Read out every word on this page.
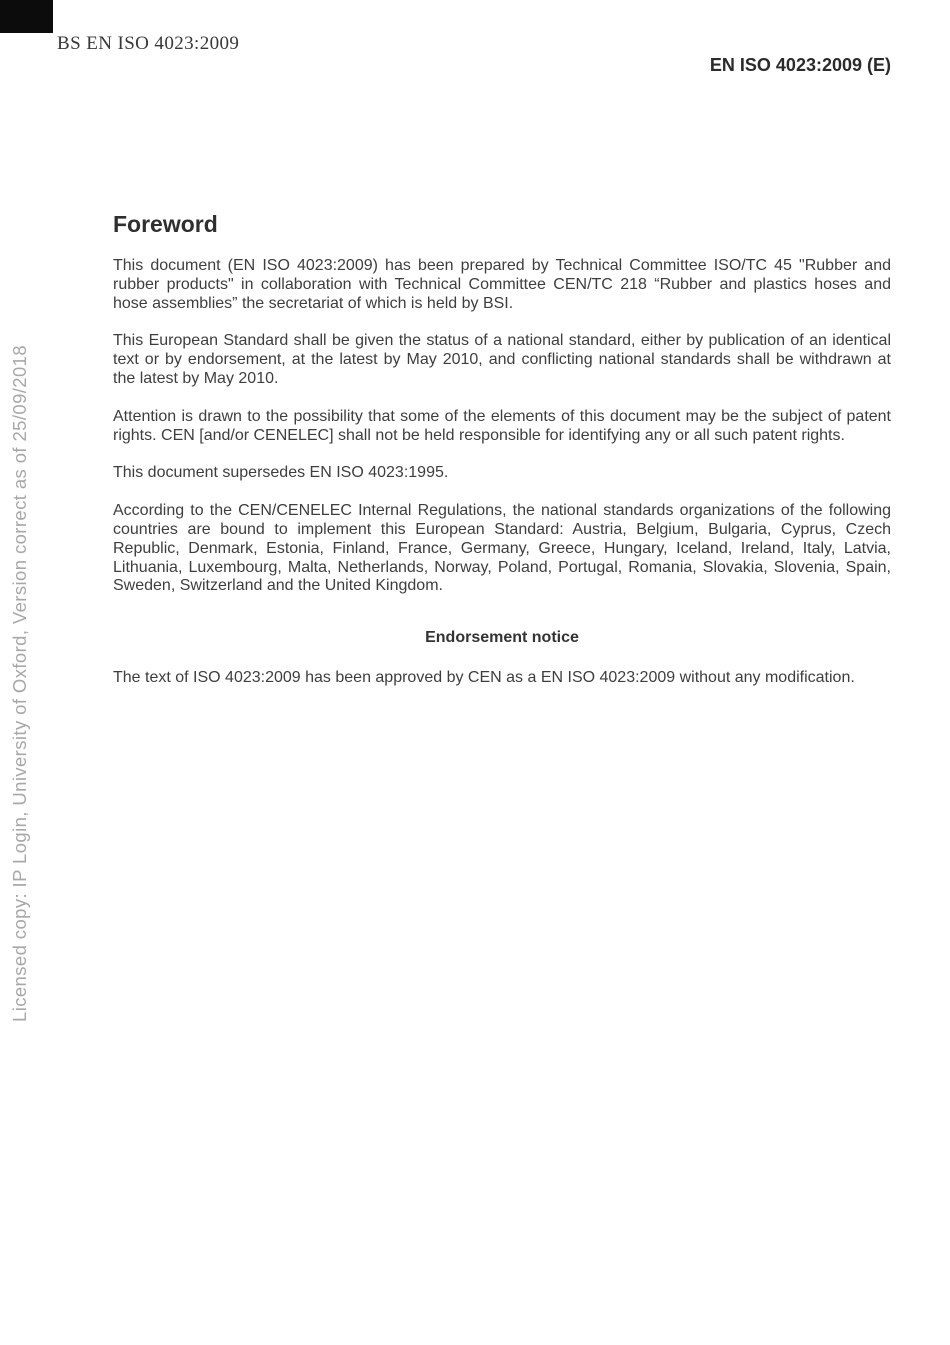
BS EN ISO 4023:2009
EN ISO 4023:2009 (E)
Licensed copy: IP Login, University of Oxford, Version correct as of 25/09/2018
Foreword

This document (EN ISO 4023:2009) has been prepared by Technical Committee ISO/TC 45 "Rubber and rubber products" in collaboration with Technical Committee CEN/TC 218 “Rubber and plastics hoses and hose assemblies” the secretariat of which is held by BSI.

This European Standard shall be given the status of a national standard, either by publication of an identical text or by endorsement, at the latest by May 2010, and conflicting national standards shall be withdrawn at the latest by May 2010.

Attention is drawn to the possibility that some of the elements of this document may be the subject of patent rights. CEN [and/or CENELEC] shall not be held responsible for identifying any or all such patent rights.

This document supersedes EN ISO 4023:1995.

According to the CEN/CENELEC Internal Regulations, the national standards organizations of the following countries are bound to implement this European Standard: Austria, Belgium, Bulgaria, Cyprus, Czech Republic, Denmark, Estonia, Finland, France, Germany, Greece, Hungary, Iceland, Ireland, Italy, Latvia, Lithuania, Luxembourg, Malta, Netherlands, Norway, Poland, Portugal, Romania, Slovakia, Slovenia, Spain, Sweden, Switzerland and the United Kingdom.

Endorsement notice

The text of ISO 4023:2009 has been approved by CEN as a EN ISO 4023:2009 without any modification.
